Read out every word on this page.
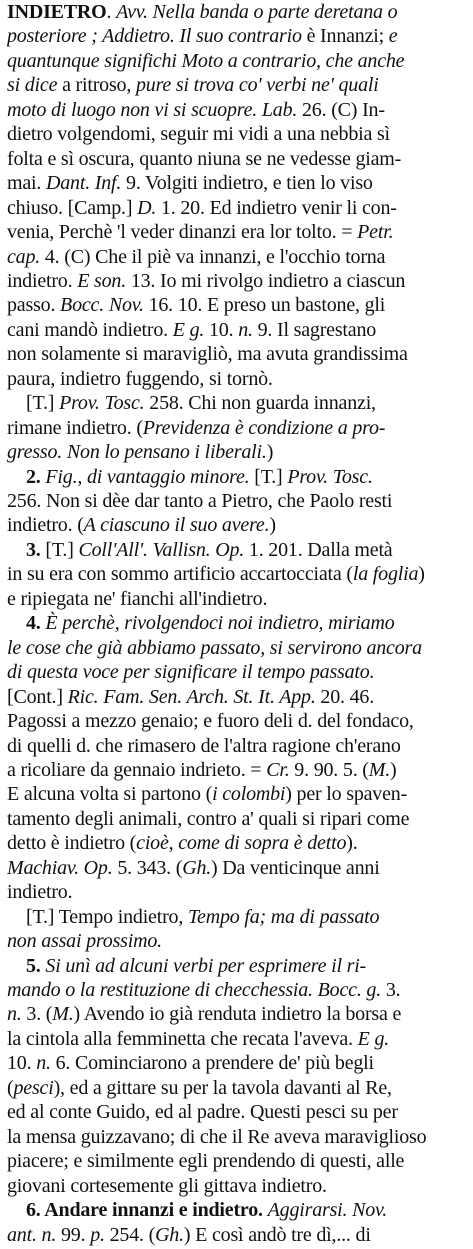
INDIETRO. Avv. Nella banda o parte deretana o
posteriore ; Addietro. Il suo contrario è Innanzi; e
quantunque significhi Moto a contrario, che anche
si dice a ritroso, pure si trova co' verbi ne' quali
moto di luogo non vi si scuopre. Lab. 26. (C) In-
dietro volgendomi, seguir mi vidi a una nebbia sì
folta e sì oscura, quanto niuna se ne vedesse giam-
mai. Dant. Inf. 9. Volgiti indietro, e tien lo viso
chiuso. [Camp.] D. 1. 20. Ed indietro venir li con-
venia, Perchè 'l veder dinanzi era lor tolto. = Petr.
cap. 4. (C) Che il piè va innanzi, e l'occhio torna
indietro. E son. 13. Io mi rivolgo indietro a ciascun
passo. Bocc. Nov. 16. 10. E preso un bastone, gli
cani mandò indietro. E g. 10. n. 9. Il sagrestano
non solamente si maravigliò, ma avuta grandissima
paura, indietro fuggendo, si tornò.
[T.] Prov. Tosc. 258. Chi non guarda innanzi,
rimane indietro. (Previdenza è condizione a pro-
gresso. Non lo pensano i liberali.)
2. Fig., di vantaggio minore. [T.] Prov. Tosc.
256. Non si dèe dar tanto a Pietro, che Paolo resti
indietro. (A ciascuno il suo avere.)
3. [T.] Coll'All'. Vallisn. Op. 1. 201. Dalla metà
in su era con sommo artificio accartocciata (la foglia)
e ripiegata ne' fianchi all'indietro.
4. È perchè, rivolgendoci noi indietro, miriamo
le cose che già abbiamo passato, si servirono ancora
di questa voce per significare il tempo passato.
[Cont.] Ric. Fam. Sen. Arch. St. It. App. 20. 46.
Pagossi a mezzo genaio; e fuoro deli d. del fondaco,
di quelli d. che rimasero de l'altra ragione ch'erano
a ricoliare da gennaio indrieto. = Cr. 9. 90. 5. (M.)
E alcuna volta si partono (i colombi) per lo spaven-
tamento degli animali, contro a' quali si ripari come
detto è indietro (cioè, come di sopra è detto).
Machiav. Op. 5. 343. (Gh.) Da venticinque anni
indietro.
[T.] Tempo indietro, Tempo fa; ma di passato
non assai prossimo.
5. Si unì ad alcuni verbi per esprimere il ri-
mando o la restituzione di checchessia. Bocc. g. 3.
n. 3. (M.) Avendo io già renduta indietro la borsa e
la cintola alla femminetta che recata l'aveva. E g.
10. n. 6. Cominciarono a prendere de' più begli
(pesci), ed a gittare su per la tavola davanti al Re,
ed al conte Guido, ed al padre. Questi pesci su per
la mensa guizzavano; di che il Re aveva maraviglioso
piacere; e similmente egli prendendo di questi, alle
giovani cortesemente gli gittava indietro.
6. Andare innanzi e indietro. Aggirarsi. Nov.
ant. n. 99. p. 254. (Gh.) E così andò tre dì,... di
